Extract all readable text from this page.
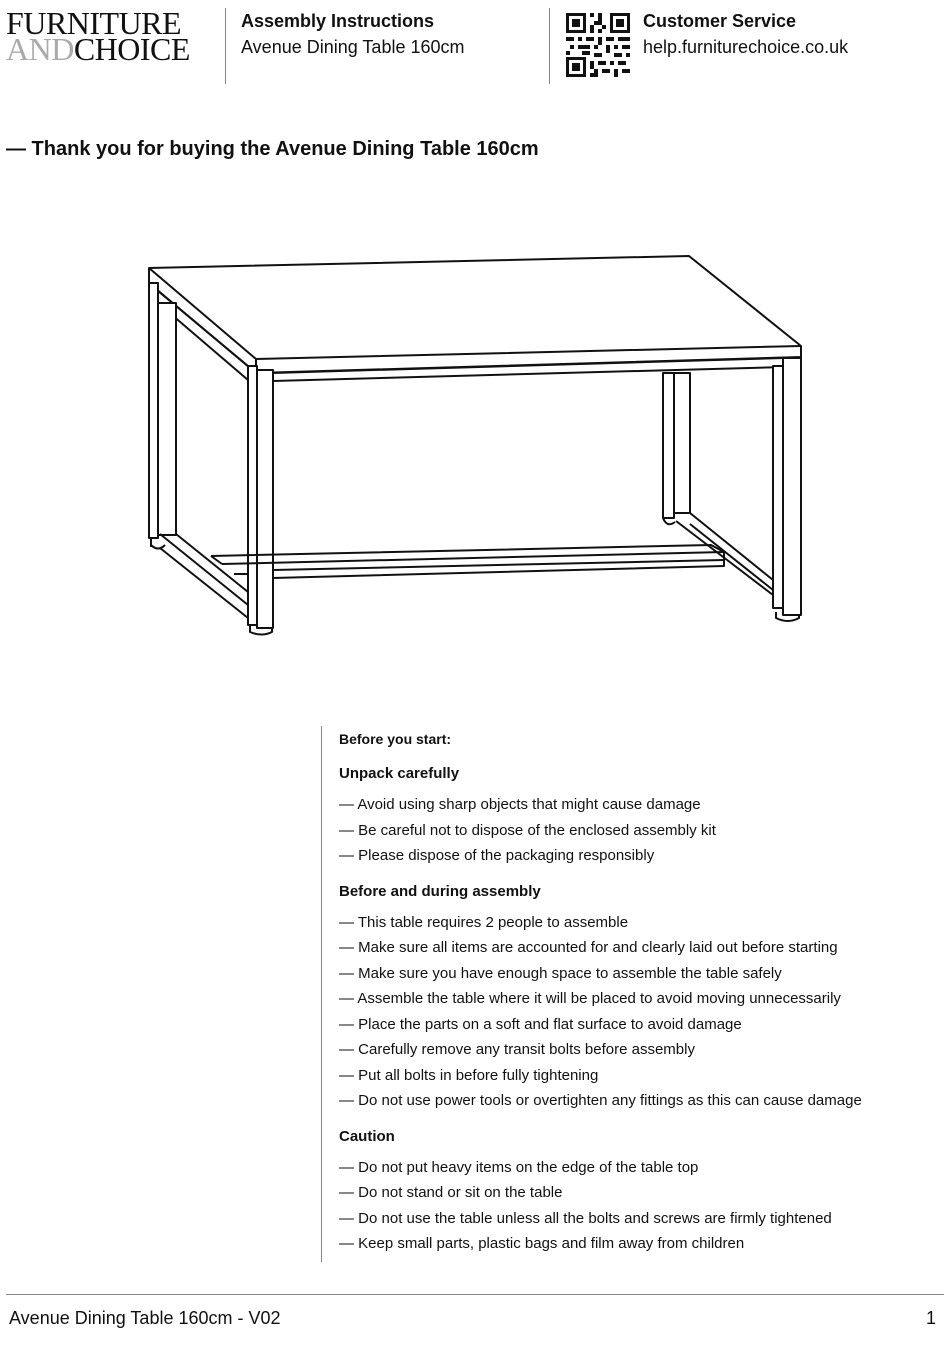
FURNITURE
ANDCHOICE
Assembly Instructions
Avenue Dining Table 160cm
Customer Service
help.furniturechoice.co.uk
— Thank you for buying the Avenue Dining Table 160cm
Before you start:
Unpack carefully
— Avoid using sharp objects that might cause damage
— Be careful not to dispose of the enclosed assembly kit
— Please dispose of the packaging responsibly
Before and during assembly
— This table requires 2 people to assemble
— Make sure all items are accounted for and clearly laid out before starting
— Make sure you have enough space to assemble the table safely
— Assemble the table where it will be placed to avoid moving unnecessarily
— Place the parts on a soft and flat surface to avoid damage
— Carefully remove any transit bolts before assembly
— Put all bolts in before fully tightening
— Do not use power tools or overtighten any fittings as this can cause damage
Caution
— Do not put heavy items on the edge of the table top
— Do not stand or sit on the table
— Do not use the table unless all the bolts and screws are firmly tightened
— Keep small parts, plastic bags and film away from children
Avenue Dining Table 160cm - V02	1
